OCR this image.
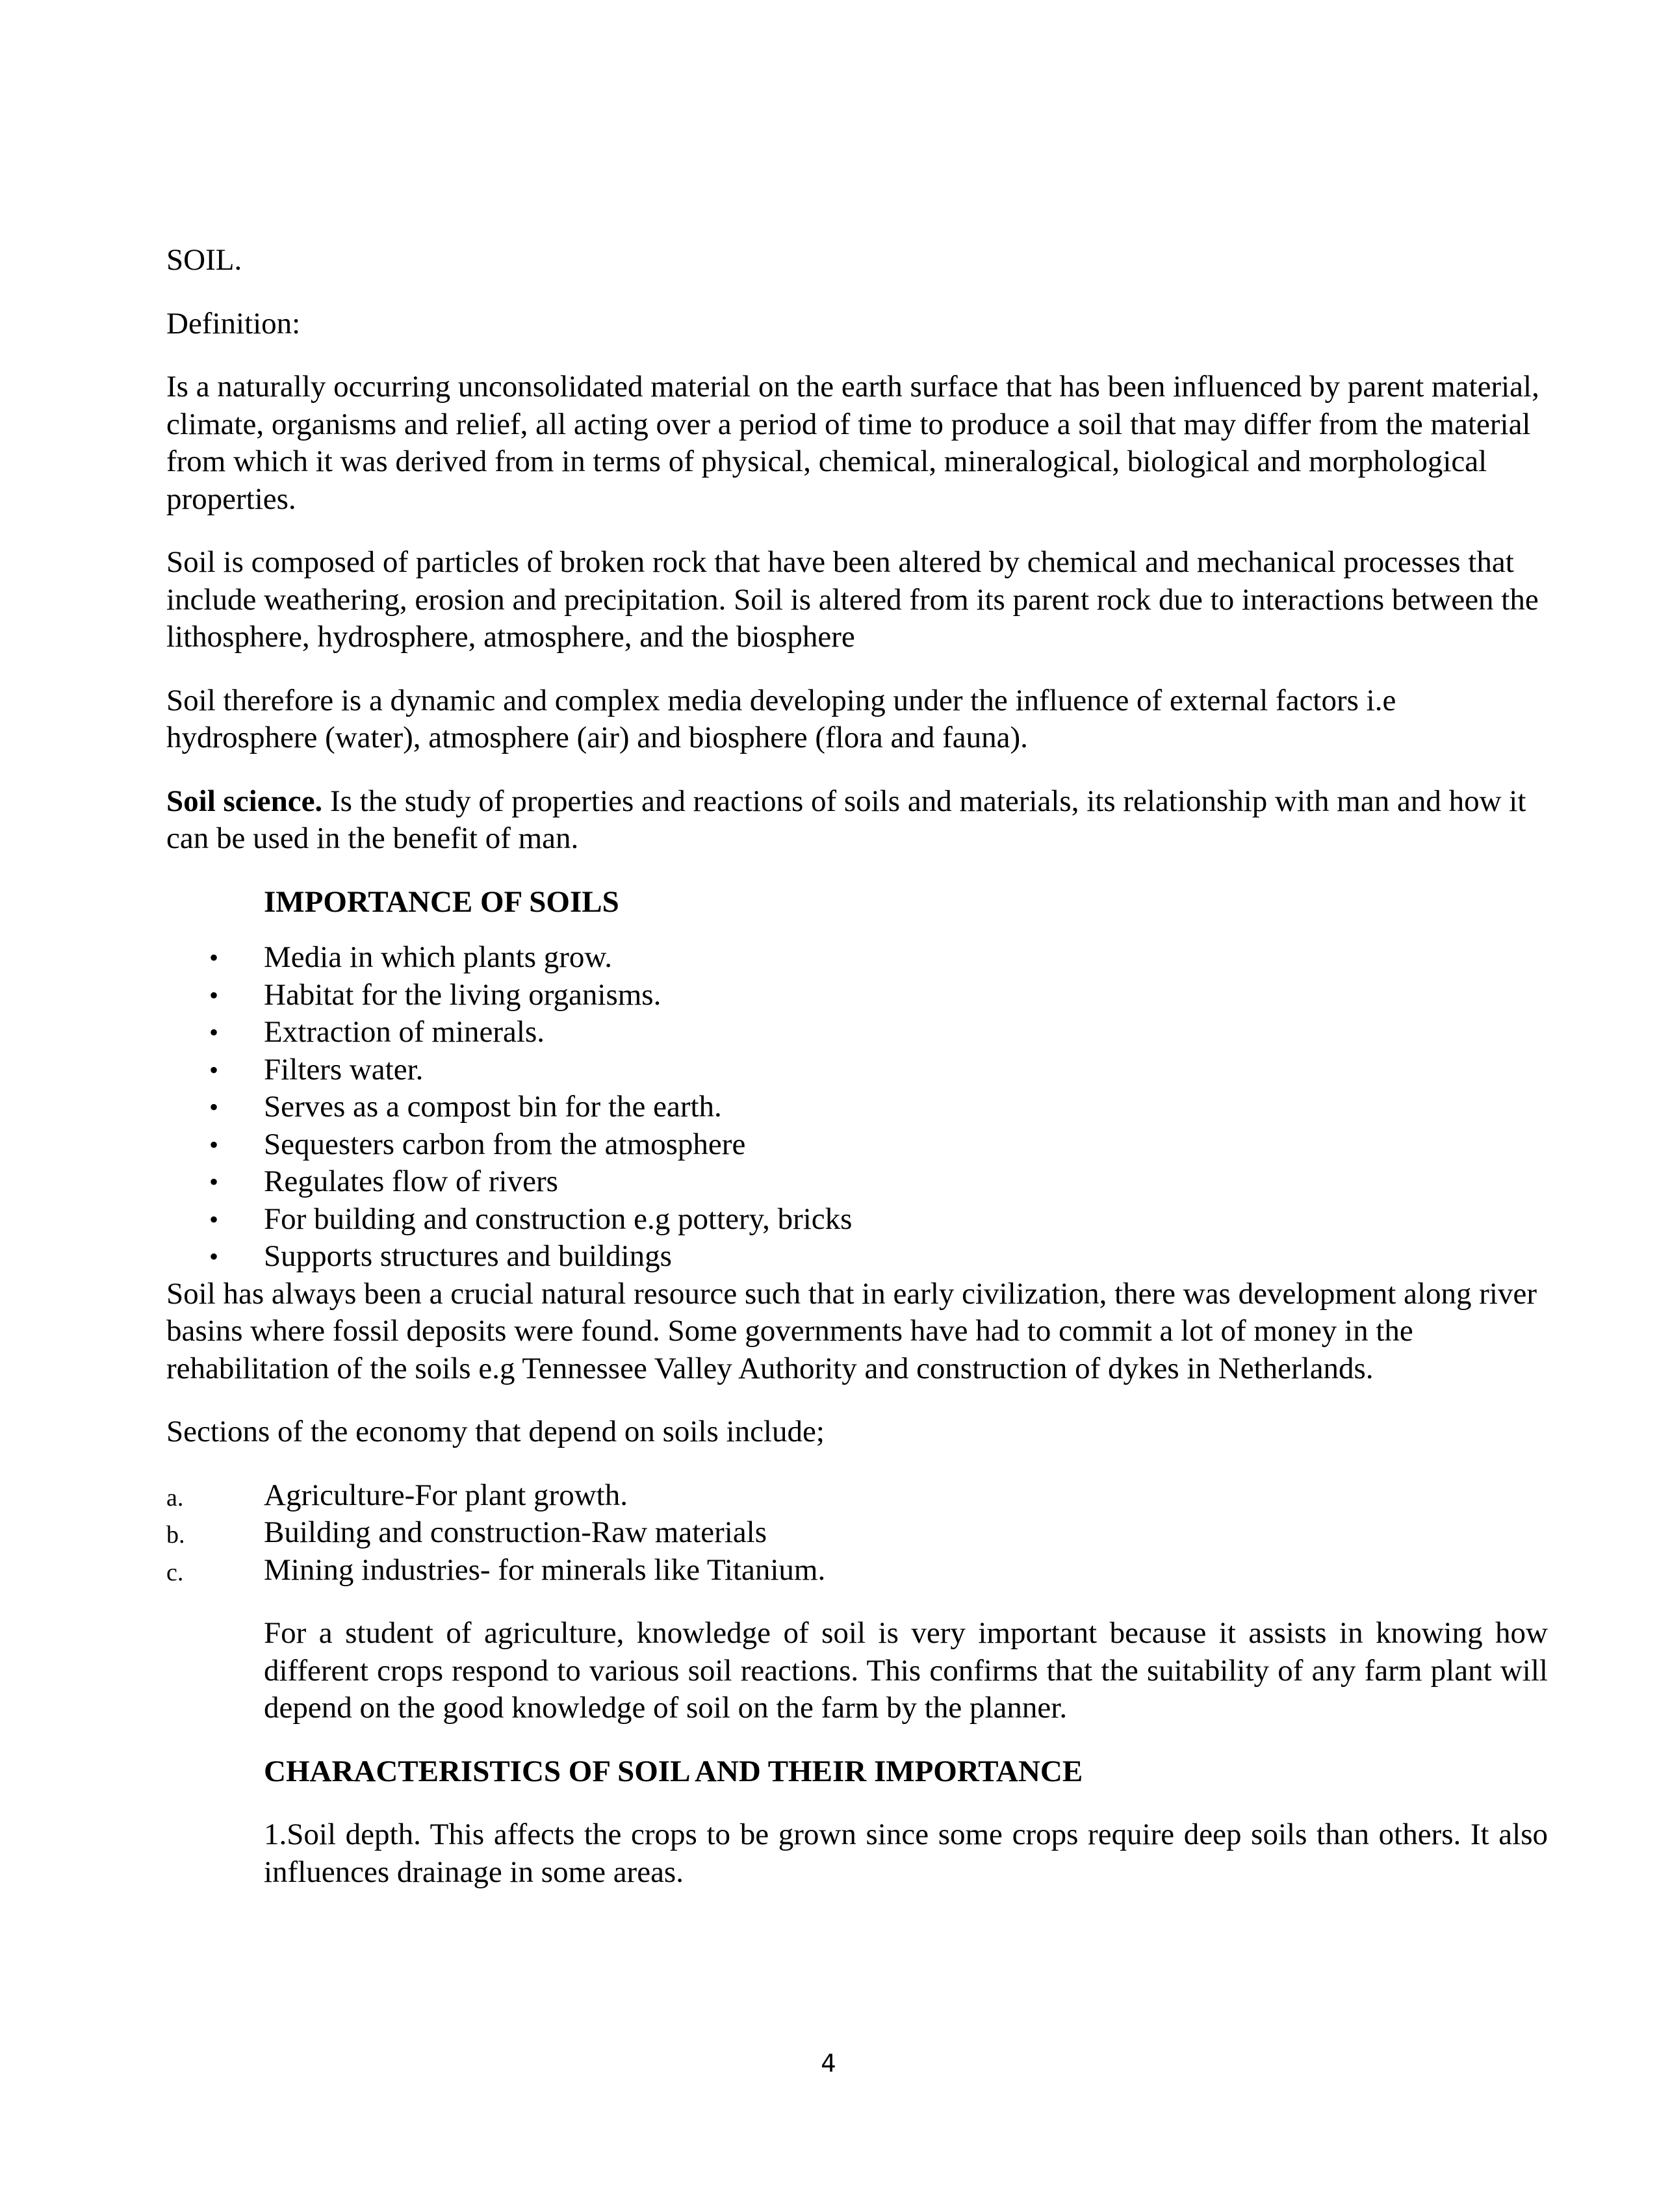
SOIL.

Definition:

Is a naturally occurring unconsolidated material on the earth surface that has been influenced by parent material, climate, organisms and relief, all acting over a period of time to produce a soil that may differ from the material from which it was derived from in terms of physical, chemical, mineralogical, biological and morphological properties.

Soil is composed of particles of broken rock that have been altered by chemical and mechanical processes that include weathering, erosion and precipitation. Soil is altered from its parent rock due to interactions between the lithosphere, hydrosphere, atmosphere, and the biosphere

Soil therefore is a dynamic and complex media developing under the influence of external factors i.e hydrosphere (water), atmosphere (air) and biosphere (flora and fauna).

Soil science. Is the study of properties and reactions of soils and materials, its relationship with man and how it can be used in the benefit of man.

IMPORTANCE OF SOILS

• Media in which plants grow.
• Habitat for the living organisms.
• Extraction of minerals.
• Filters water.
• Serves as a compost bin for the earth.
• Sequesters carbon from the atmosphere
• Regulates flow of rivers
• For building and construction e.g pottery, bricks
• Supports structures and buildings

Soil has always been a crucial natural resource such that in early civilization, there was development along river basins where fossil deposits were found. Some governments have had to commit a lot of money in the rehabilitation of the soils e.g Tennessee Valley Authority and construction of dykes in Netherlands.

Sections of the economy that depend on soils include;

a.	Agriculture-For plant growth.
b.	Building and construction-Raw materials
c.	Mining industries- for minerals like Titanium.

For a student of agriculture, knowledge of soil is very important because it assists in knowing how different crops respond to various soil reactions. This confirms that the suitability of any farm plant will depend on the good knowledge of soil on the farm by the planner.

CHARACTERISTICS OF SOIL AND THEIR IMPORTANCE

1.Soil depth. This affects the crops to be grown since some crops require deep soils than others. It also influences drainage in some areas.

4
